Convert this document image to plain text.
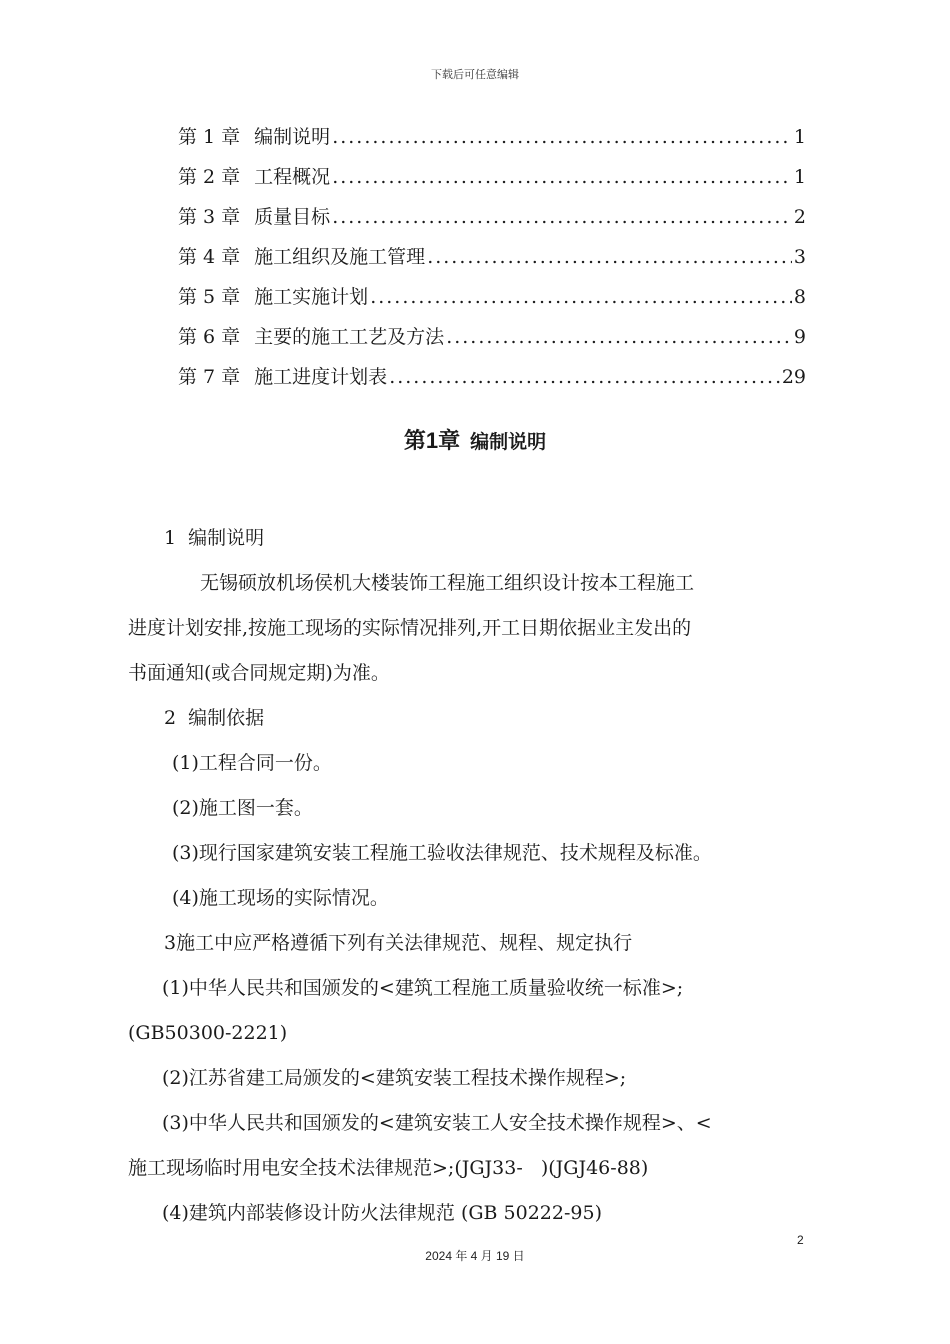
下载后可任意编辑
第 1 章 编制说明 .....	1
第 2 章 工程概况 .....	1
第 3 章 质量目标 .....	2
第 4 章 施工组织及施工管理 .....	3
第 5 章 施工实施计划 .....	8
第 6 章 主要的施工工艺及方法 .....	9
第 7 章 施工进度计划表 .....	29
第1章 编制说明

1  编制说明

无锡硕放机场侯机大楼装饰工程施工组织设计按本工程施工

进度计划安排,按施工现场的实际情况排列,开工日期依据业主发出的

书面通知(或合同规定期)为准。

2  编制依据

(1)工程合同一份。

(2)施工图一套。

(3)现行国家建筑安装工程施工验收法律规范、技术规程及标准。

(4)施工现场的实际情况。

3施工中应严格遵循下列有关法律规范、规程、规定执行

(1)中华人民共和国颁发的<建筑工程施工质量验收统一标准>;

(GB50300-2221)

(2)江苏省建工局颁发的<建筑安装工程技术操作规程>;

(3)中华人民共和国颁发的<建筑安装工人安全技术操作规程>、<

施工现场临时用电安全技术法律规范>;(JGJ33-   )(JGJ46-88)

(4)建筑内部装修设计防火法律规范 (GB 50222-95)

2
2024 年 4 月 19 日
